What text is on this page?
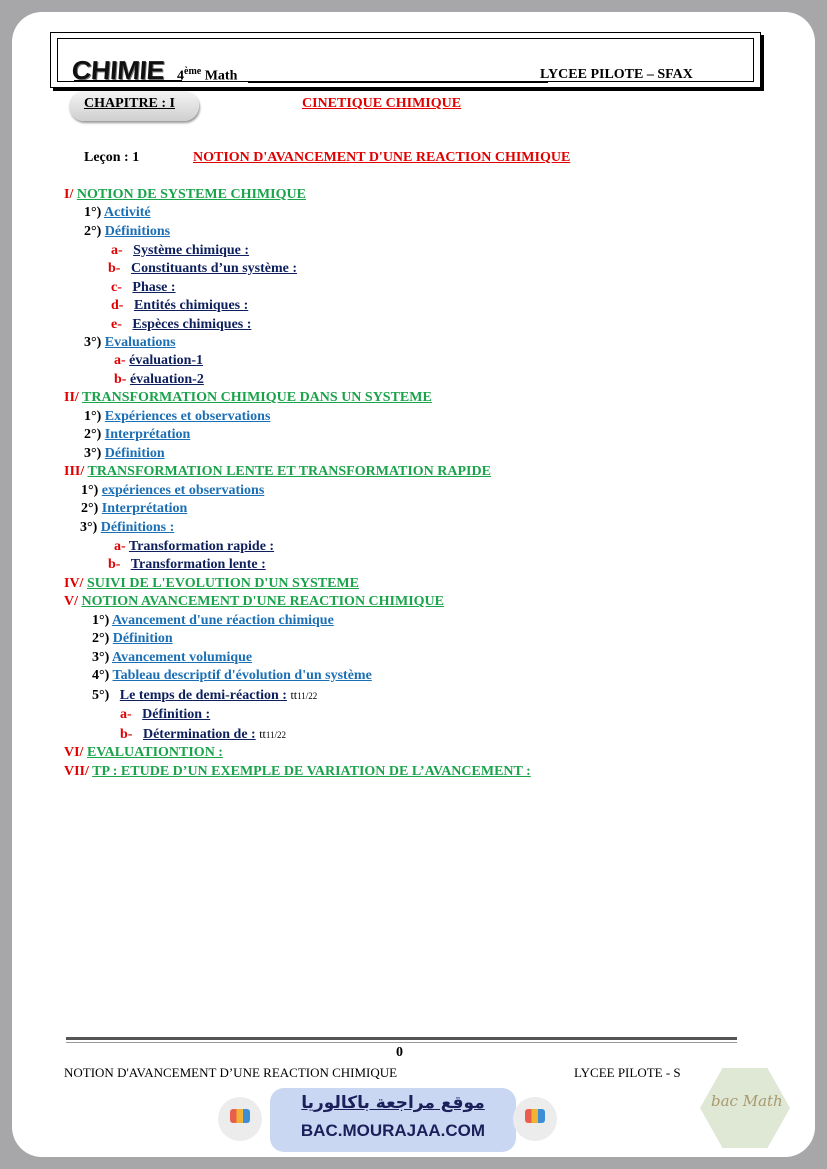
CHIMIE 4ème Math	LYCEE PILOTE – SFAX
CHAPITRE : I	CINETIQUE CHIMIQUE
Leçon : 1	NOTION D'AVANCEMENT D'UNE REACTION CHIMIQUE
I/ NOTION DE SYSTEME CHIMIQUE
1°) Activité
2°) Définitions
a- Système chimique :
b- Constituants d’un système :
c- Phase :
d- Entités chimiques :
e- Espèces chimiques :
3°) Evaluations
a- évaluation-1
b- évaluation-2
II/ TRANSFORMATION CHIMIQUE DANS UN SYSTEME
1°) Expériences et observations
2°) Interprétation
3°) Définition
III/ TRANSFORMATION LENTE ET TRANSFORMATION RAPIDE
1°) expériences et observations
2°) Interprétation
3°) Définitions :
a- Transformation rapide :
b- Transformation lente :
IV/ SUIVI DE L'EVOLUTION D'UN SYSTEME
V/ NOTION AVANCEMENT D'UNE REACTION CHIMIQUE
1°) Avancement d'une réaction chimique
2°) Définition
3°) Avancement volumique
4°) Tableau descriptif d'évolution d'un système
5°) Le temps de demi-réaction : tt11/22
a- Définition :
b- Détermination de : tt11/22
VI/ EVALUATIONTION :
VII/ TP : ETUDE D’UN EXEMPLE DE VARIATION DE L’AVANCEMENT :
0
NOTION D'AVANCEMENT D’UNE REACTION CHIMIQUE	LYCEE PILOTE - S
bac Math
موقع مراجعة باكالوريا
BAC.MOURAJAA.COM
